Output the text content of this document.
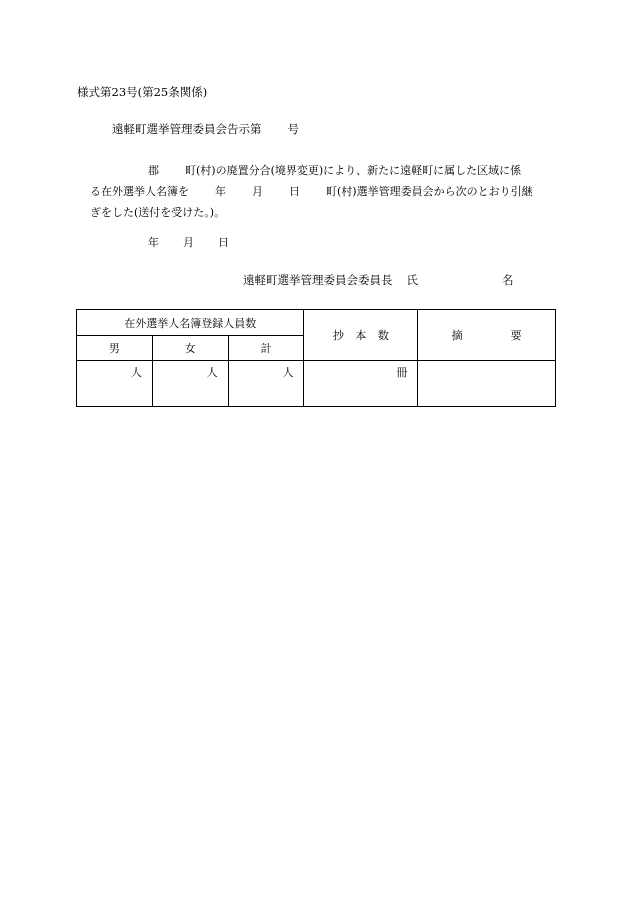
様式第23号(第25条関係)
遠軽町選挙管理委員会告示第 号
郡 町(村)の廃置分合(境界変更)により、新たに遠軽町に属した区域に係
る在外選挙人名簿を 年 月 日 町(村)選挙管理委員会から次のとおり引継
ぎをした(送付を受けた。)。
年 月 日
遠軽町選挙管理委員会委員長 氏	名
在外選挙人名簿登録人員数			抄 本 数	摘 要
男	女	計		
人	人	人	冊	
